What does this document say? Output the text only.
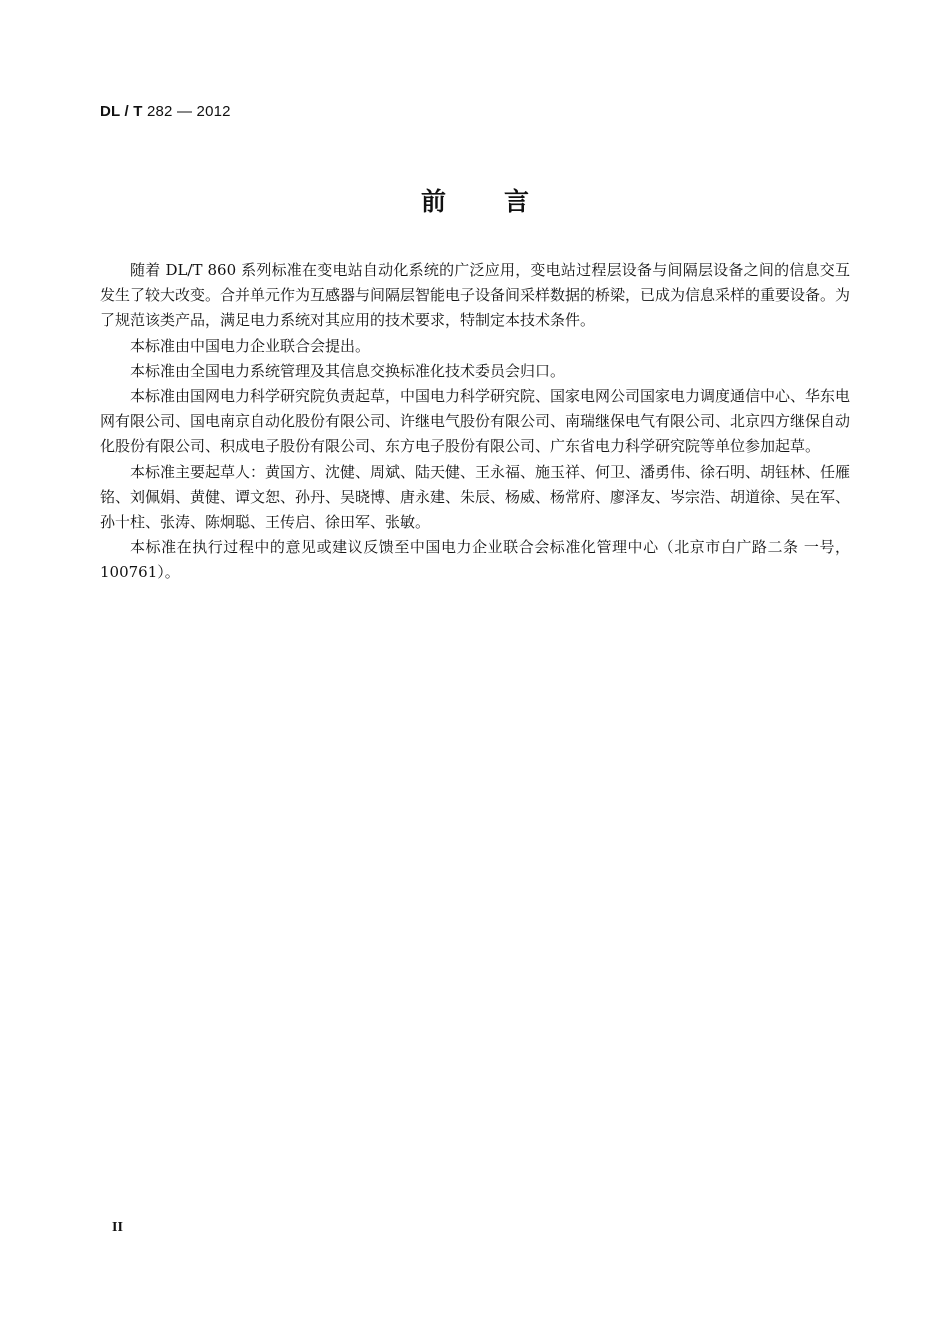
DL / T 282 — 2012
前言

随着 DL/T 860 系列标准在变电站自动化系统的广泛应用，变电站过程层设备与间隔层设备之间的信息交互发生了较大改变。合并单元作为互感器与间隔层智能电子设备间采样数据的桥梁，已成为信息采样的重要设备。为了规范该类产品，满足电力系统对其应用的技术要求，特制定本技术条件。

本标准由中国电力企业联合会提出。

本标准由全国电力系统管理及其信息交换标准化技术委员会归口。

本标准由国网电力科学研究院负责起草，中国电力科学研究院、国家电网公司国家电力调度通信中心、华东电网有限公司、国电南京自动化股份有限公司、许继电气股份有限公司、南瑞继保电气有限公司、北京四方继保自动化股份有限公司、积成电子股份有限公司、东方电子股份有限公司、广东省电力科学研究院等单位参加起草。

本标准主要起草人：黄国方、沈健、周斌、陆天健、王永福、施玉祥、何卫、潘勇伟、徐石明、胡钰林、任雁铭、刘佩娟、黄健、谭文恕、孙丹、吴晓博、唐永建、朱辰、杨威、杨常府、廖泽友、岑宗浩、胡道徐、吴在军、孙十柱、张涛、陈炯聪、王传启、徐田军、张敏。

本标准在执行过程中的意见或建议反馈至中国电力企业联合会标准化管理中心（北京市白广路二条 一号，100761）。

II
